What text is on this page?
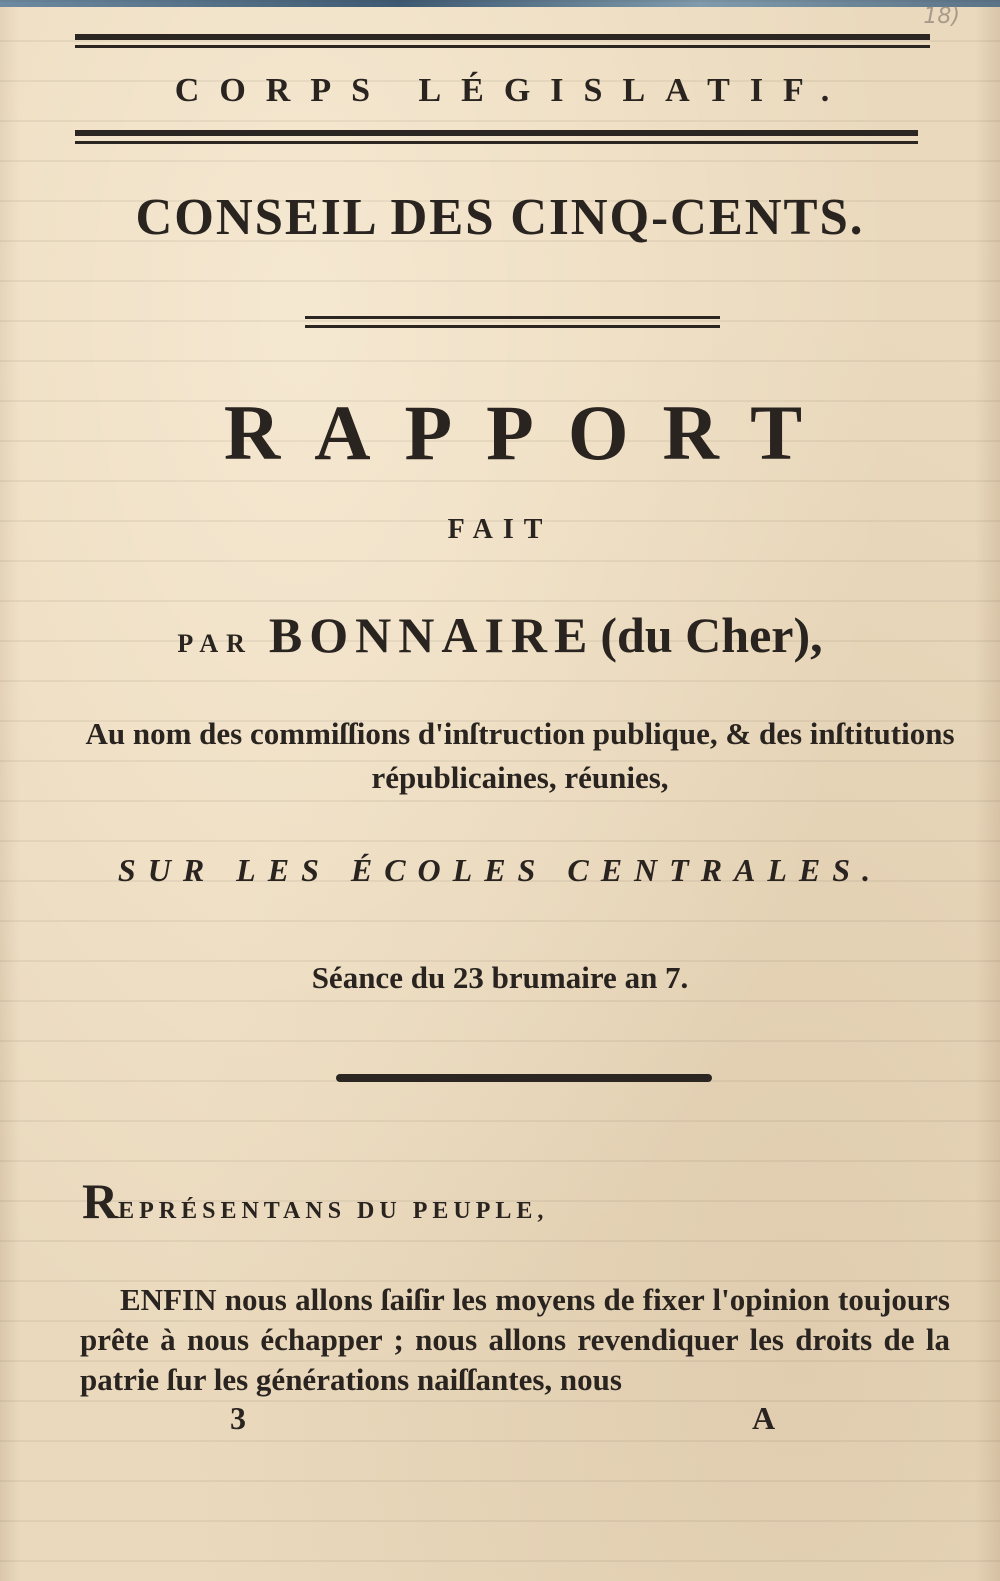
18)
CORPS LÉGISLATIF.
CONSEIL DES CINQ-CENTS.
RAPPORT
FAIT
PAR BONNAIRE (du Cher),
Au nom des commiſſions d'inſtruction publique, & des inſtitutions républicaines, réunies,
SUR LES ÉCOLES CENTRALES.
Séance du 23 brumaire an 7.
REPRÉSENTANS DU PEUPLE,
ENFIN nous allons ſaiſir les moyens de fixer l'opinion toujours prête à nous échapper ; nous allons revendiquer les droits de la patrie ſur les générations naiſſantes, nous
3	A
